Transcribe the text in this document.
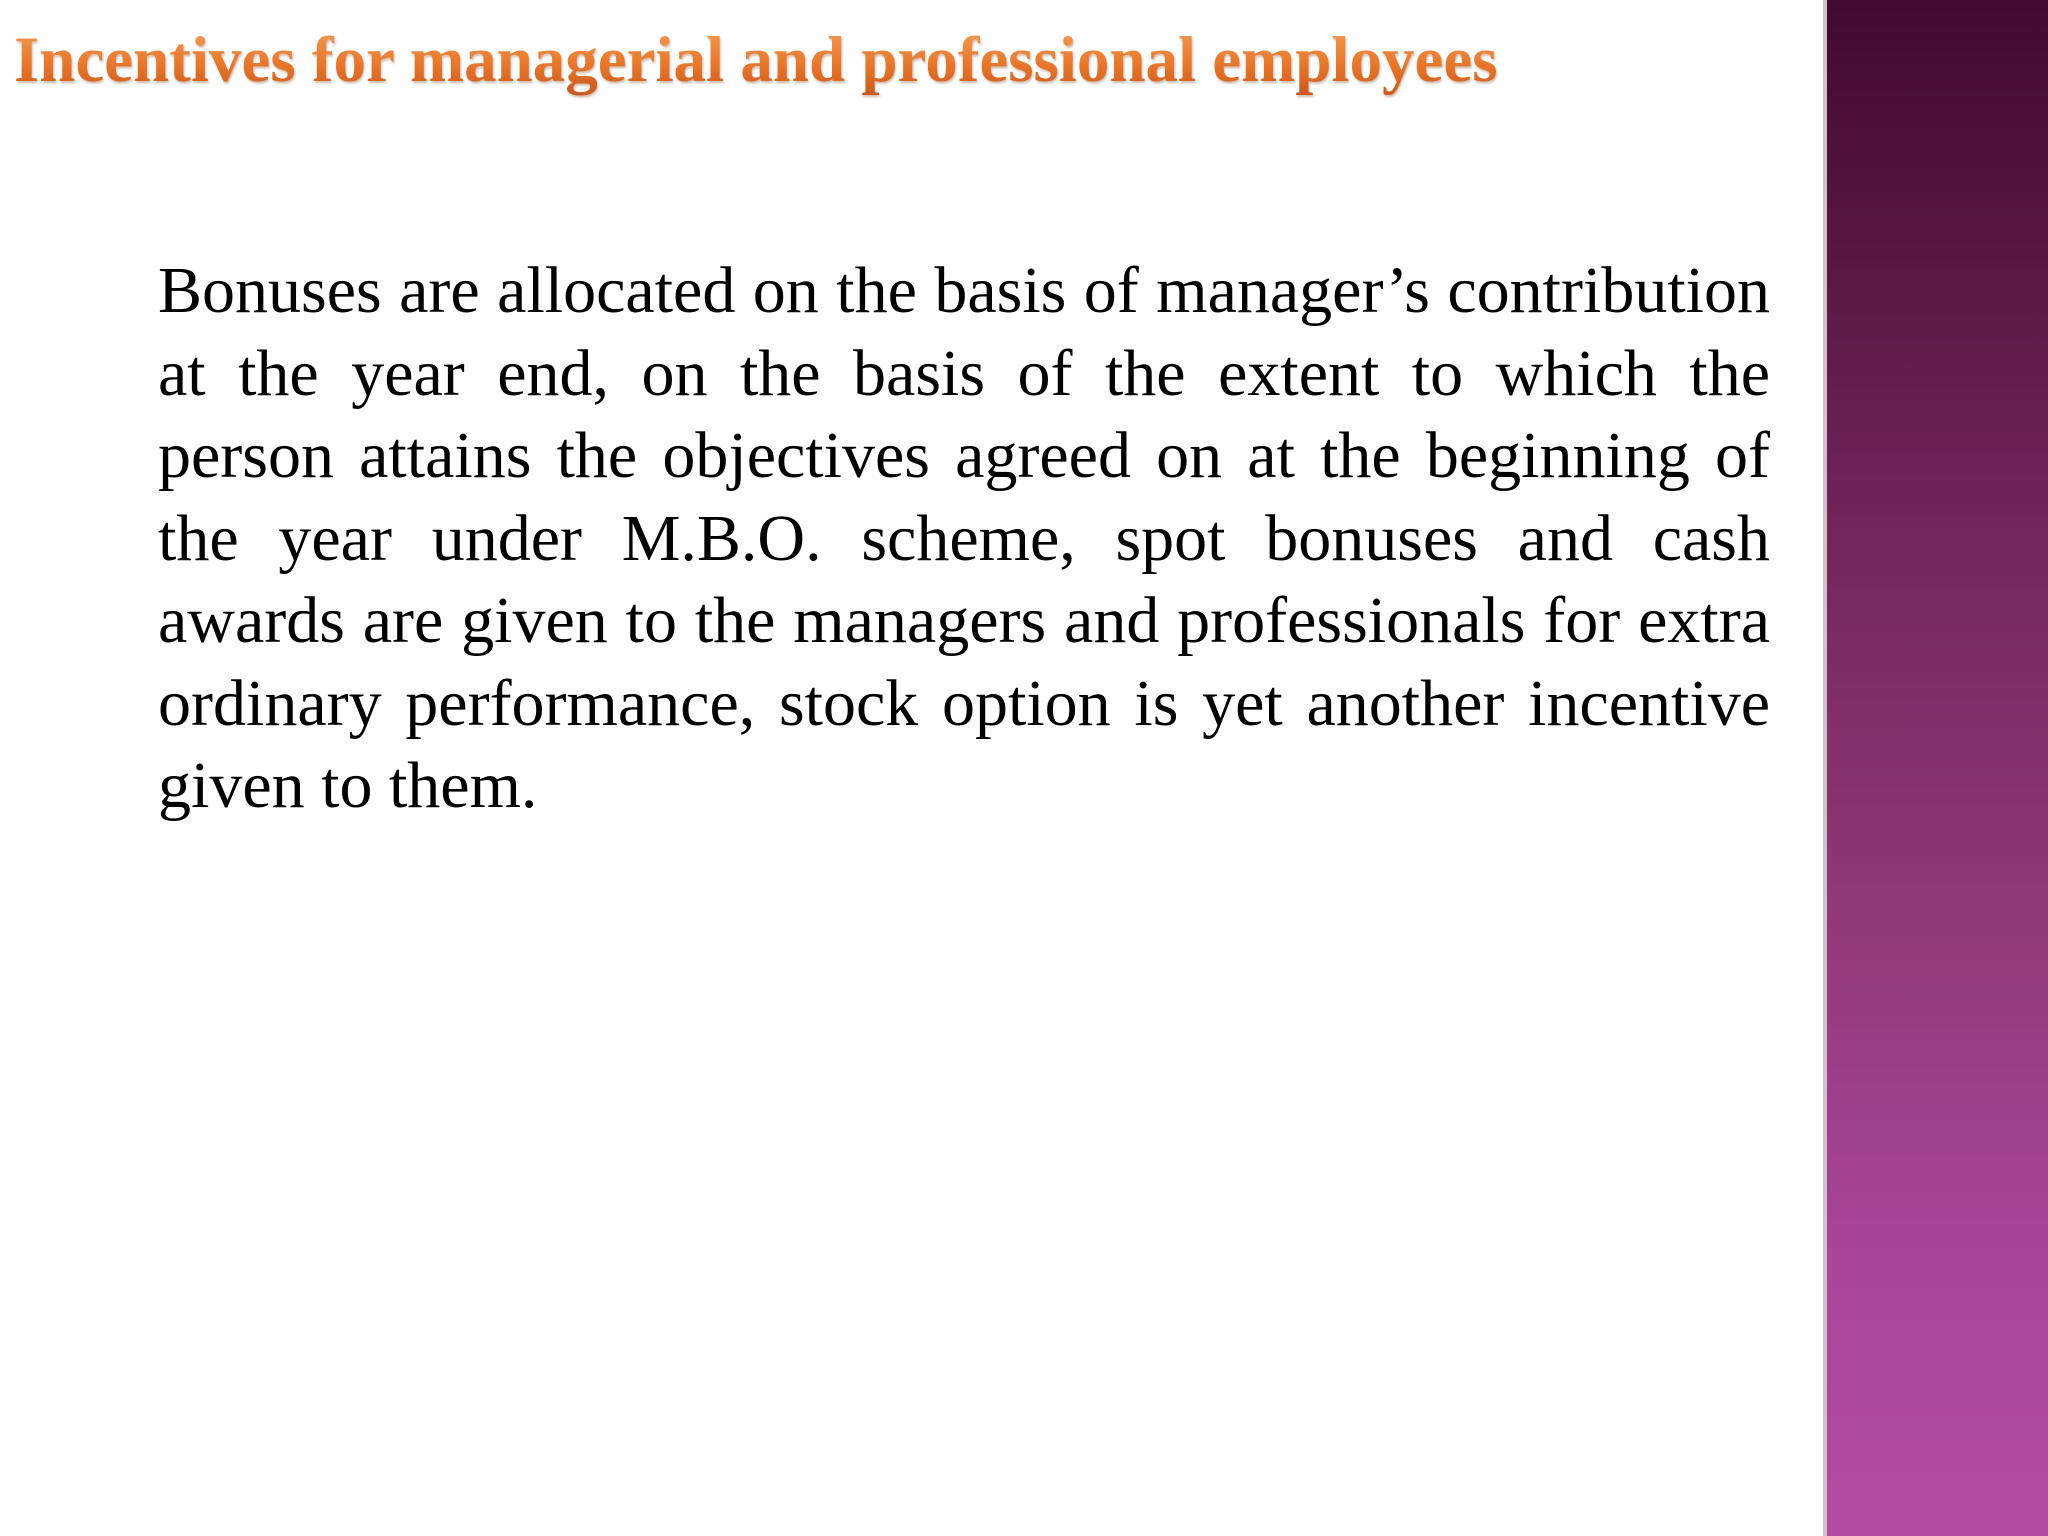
Incentives for managerial and professional employees

Bonuses are allocated on the basis of manager’s contribution at the year end, on the basis of the extent to which the person attains the objectives agreed on at the beginning of the year under M.B.O. scheme, spot bonuses and cash awards are given to the managers and professionals for extra ordinary performance, stock option is yet another incentive given to them.
